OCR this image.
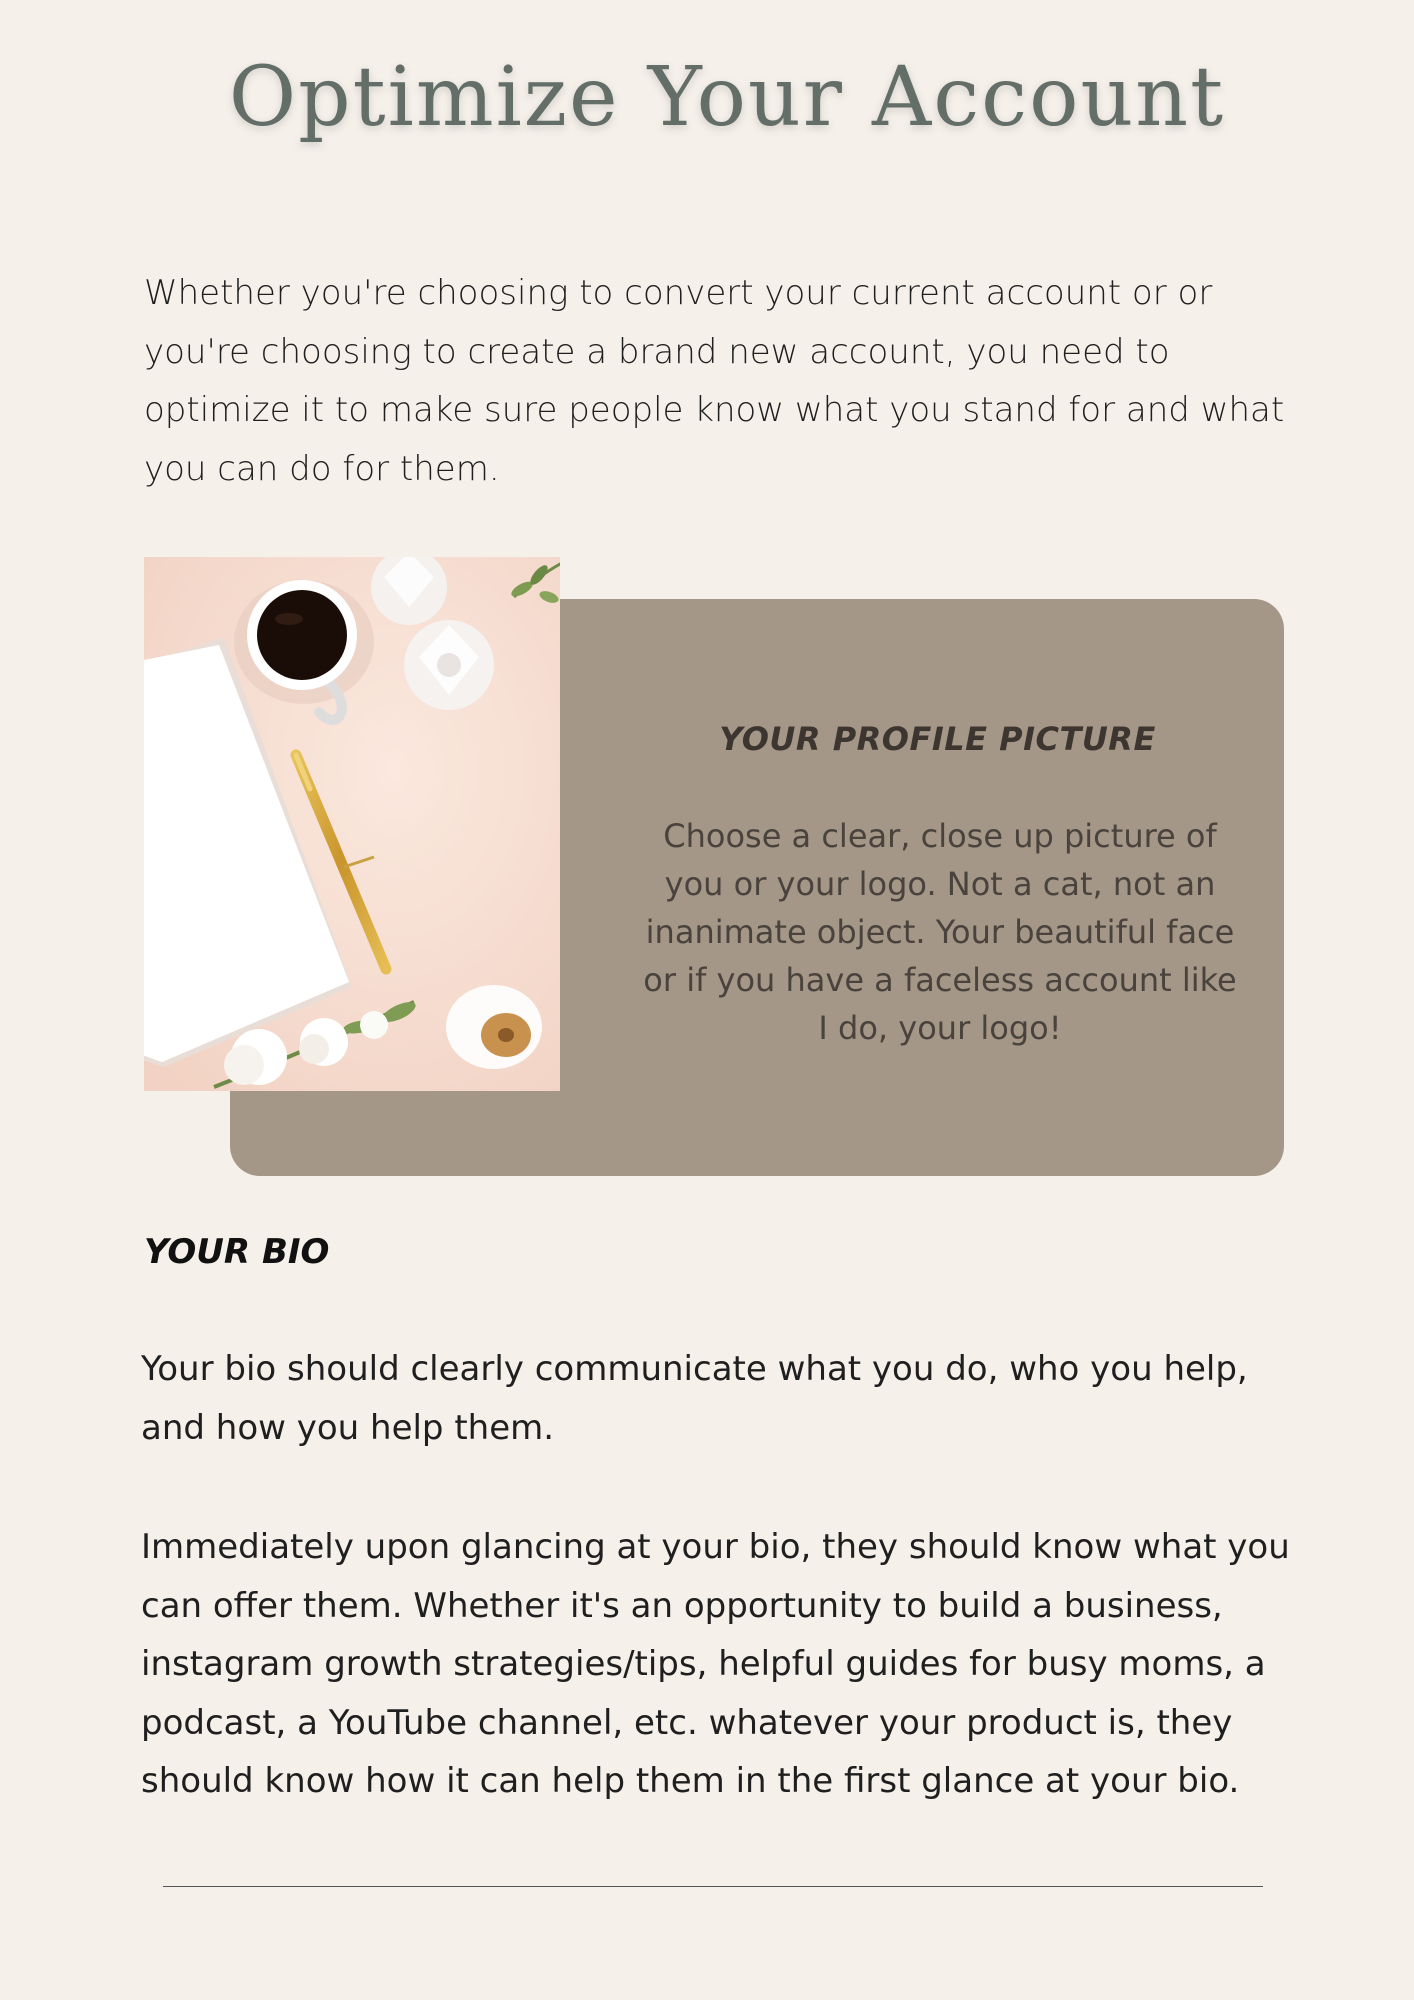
Optimize Your Account

Whether you're choosing to convert your current account or or you're choosing to create a brand new account, you need to optimize it to make sure people know what you stand for and what you can do for them.

YOUR PROFILE PICTURE

Choose a clear, close up picture of you or your logo. Not a cat, not an inanimate object. Your beautiful face or if you have a faceless account like I do, your logo!

YOUR BIO

Your bio should clearly communicate what you do, who you help, and how you help them.

Immediately upon glancing at your bio, they should know what you can offer them. Whether it's an opportunity to build a business, instagram growth strategies/tips, helpful guides for busy moms, a podcast, a YouTube channel, etc. whatever your product is, they should know how it can help them in the first glance at your bio.
